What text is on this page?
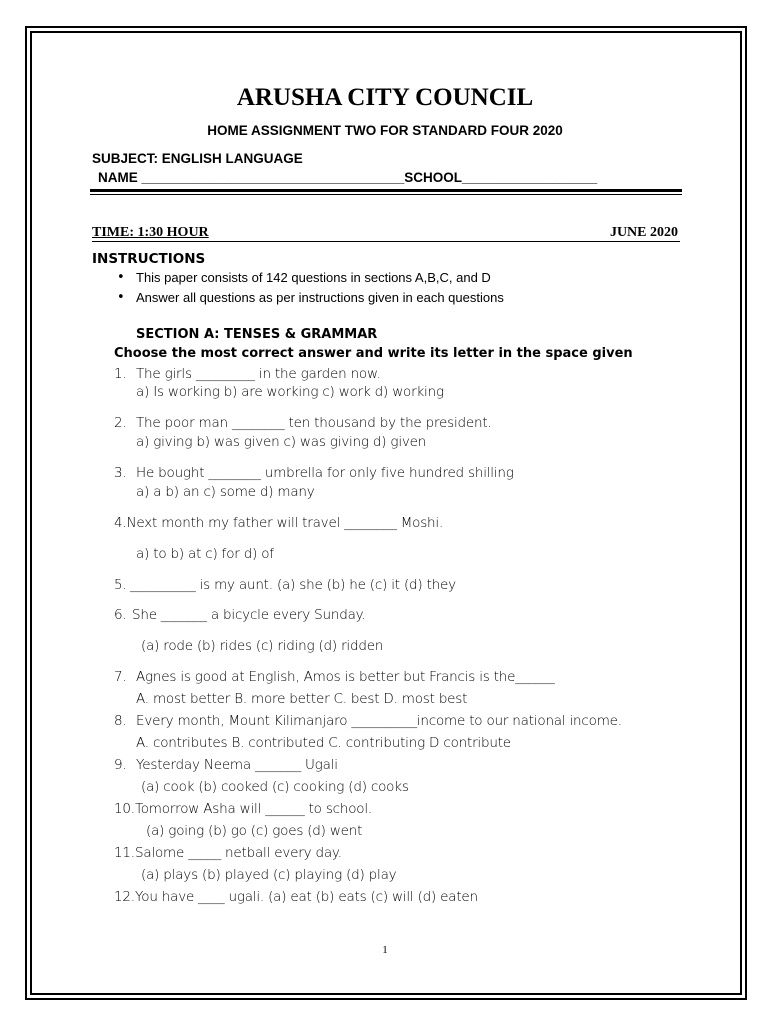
ARUSHA CITY COUNCIL
HOME ASSIGNMENT TWO FOR STANDARD FOUR 2020
SUBJECT: ENGLISH LANGUAGE
NAME ___________________________________SCHOOL__________________
TIME: 1:30 HOUR	JUNE 2020
INSTRUCTIONS
• This paper consists of 142 questions in sections A,B,C, and D
• Answer all questions as per instructions given in each questions
SECTION A: TENSES & GRAMMAR
Choose the most correct answer and write its letter in the space given
1. The girls _________ in the garden now.
a) Is working b) are working c) work d) working
2. The poor man ________ ten thousand by the president.
a) giving b) was given c) was giving d) given
3. He bought ________ umbrella for only five hundred shilling
a) a b) an c) some d) many
4.Next month my father will travel ________ Moshi.
a) to b) at c) for d) of
5. __________ is my aunt. (a) she (b) he (c) it (d) they
6. She _______ a bicycle every Sunday.
(a) rode (b) rides (c) riding (d) ridden
7. Agnes is good at English, Amos is better but Francis is the______
A. most better B. more better C. best D. most best
8. Every month, Mount Kilimanjaro __________income to our national income.
A. contributes B. contributed C. contributing D contribute
9. Yesterday Neema _______ Ugali
(a) cook (b) cooked (c) cooking (d) cooks
10. Tomorrow Asha will ______ to school.
(a) going (b) go (c) goes (d) went
11. Salome _____ netball every day.
(a) plays (b) played (c) playing (d) play
12. You have ____ ugali. (a) eat (b) eats (c) will (d) eaten
1
